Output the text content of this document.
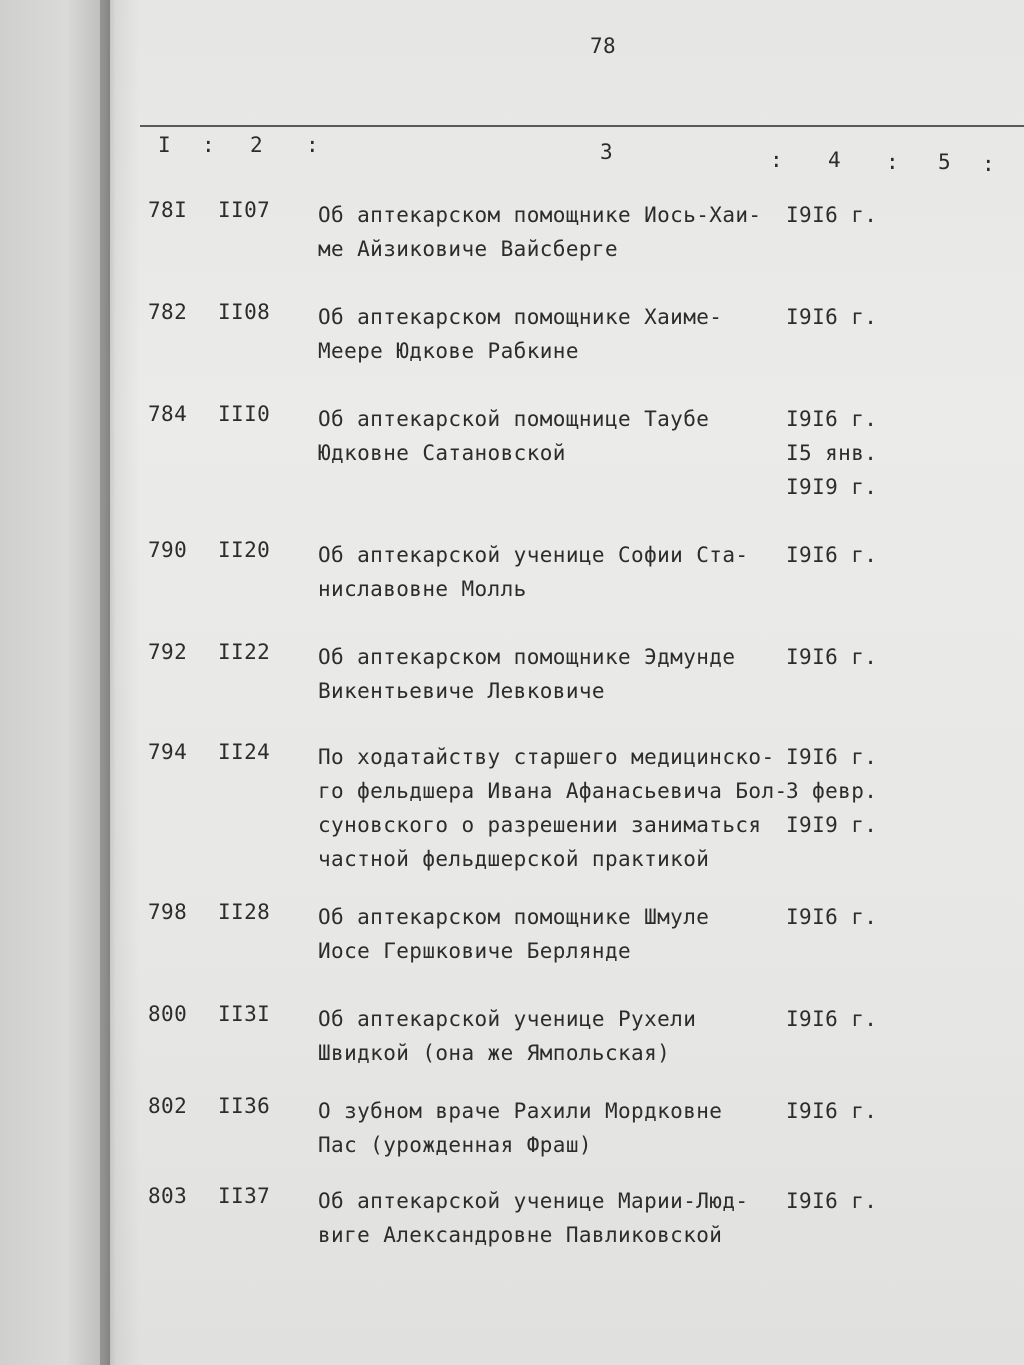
78
I : 2 :	3	: 4 : 5 :
78I II07 Об аптекарском помощнике Иось-Хаи-
ме Айзиковиче Вайсберге
I9I6 г.
782 II08 Об аптекарском помощнике Хаиме-
Меере Юдкове Рабкине
I9I6 г.
784 III0 Об аптекарской помощнице Таубе
Юдковне Сатановской
I9I6 г.
I5 янв.
I9I9 г.
790 II20 Об аптекарской ученице Софии Ста-
ниславовне Молль
I9I6 г.
792 II22 Об аптекарском помощнике Эдмунде
Викентьевиче Левковиче
I9I6 г.
794 II24 По ходатайству старшего медицинско-
го фельдшера Ивана Афанасьевича Бол-
суновского о разрешении заниматься
частной фельдшерской практикой
I9I6 г.
3 февр.
I9I9 г.
798 II28 Об аптекарском помощнике Шмуле
Иосе Гершковиче Берлянде
I9I6 г.
800 II3I Об аптекарской ученице Рухели
Швидкой (она же Ямпольская)
I9I6 г.
802 II36 О зубном враче Рахили Мордковне
Пас (урожденная Фраш)
I9I6 г.
803 II37 Об аптекарской ученице Марии-Люд-
виге Александровне Павликовской
I9I6 г.
